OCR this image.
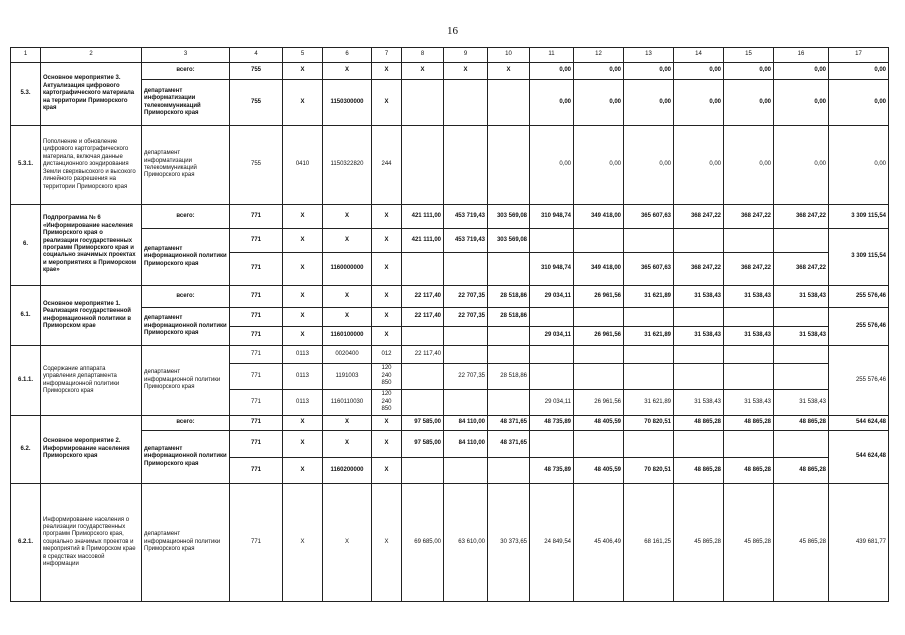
16
1	2	3	4	5	6	7	8	9	10	11	12	13	14	15	16	17
5.3.	Основное мероприятие 3. Актуализация цифрового картографического материала на территории Приморского края	всего:	755	Х	Х	Х	Х	Х	Х	0,00	0,00	0,00	0,00	0,00	0,00	0,00
		департамент информатизации телекоммуникаций Приморского края	755	Х	1150300000	Х				0,00	0,00	0,00	0,00	0,00	0,00	0,00
5.3.1.	Пополнение и обновление цифрового картографического материала, включая данные дистанционного зондирования Земли сверхвысокого и высокого линейного разрешения на территории Приморского края	департамент информатизации телекоммуникаций Приморского края	755	0410	1150322820	244				0,00	0,00	0,00	0,00	0,00	0,00	0,00
6.	Подпрограмма № 6 «Информирование населения Приморского края о реализации государственных программ Приморского края и социально значимых проектах и мероприятиях в Приморском крае»	всего:	771	Х	Х	Х	421 111,00	453 719,43	303 569,08	310 948,74	349 418,00	365 607,63	368 247,22	368 247,22	368 247,22	3 309 115,54
		департамент информационной политики Приморского края	771	Х	Х	Х	421 111,00	453 719,43	303 569,08							3 309 115,54
			771	Х	1160000000	Х				310 948,74	349 418,00	365 607,63	368 247,22	368 247,22	368 247,22	
6.1.	Основное мероприятие 1. Реализация государственной информационной политики в Приморском крае	всего:	771	Х	Х	Х	22 117,40	22 707,35	28 518,86	29 034,11	26 961,56	31 621,89	31 538,43	31 538,43	31 538,43	255 576,46
		департамент информационной политики Приморского края	771	Х	Х	Х	22 117,40	22 707,35	28 518,86							255 576,46
			771	Х	1160100000	Х				29 034,11	26 961,56	31 621,89	31 538,43	31 538,43	31 538,43	
6.1.1.	Содержание аппарата управления департамента информационной политики Приморского края	департамент информационной политики Приморского края	771	0113	0020400	012	22 117,40									255 576,46
			771	0113	1191003	120
240
850		22 707,35	28 518,86							
			771	0113	1160110030	120
240
850				29 034,11	26 961,56	31 621,89	31 538,43	31 538,43	31 538,43	
6.2.	Основное мероприятие 2. Информирование населения Приморского края	всего:	771	Х	Х	Х	97 585,00	84 110,00	48 371,65	48 735,89	48 405,59	70 820,51	48 865,28	48 865,28	48 865,28	544 624,48
		департамент информационной политики Приморского края	771	Х	Х	Х	97 585,00	84 110,00	48 371,65							544 624,48
			771	Х	1160200000	Х				48 735,89	48 405,59	70 820,51	48 865,28	48 865,28	48 865,28	
6.2.1.	Информирование населения о реализации государственных программ Приморского края, социально значимых проектов и мероприятий в Приморском крае в средствах массовой информации	департамент информационной политики Приморского края	771	Х	Х	Х	69 685,00	63 610,00	30 373,65	24 849,54	45 406,49	68 161,25	45 865,28	45 865,28	45 865,28	439 681,77
